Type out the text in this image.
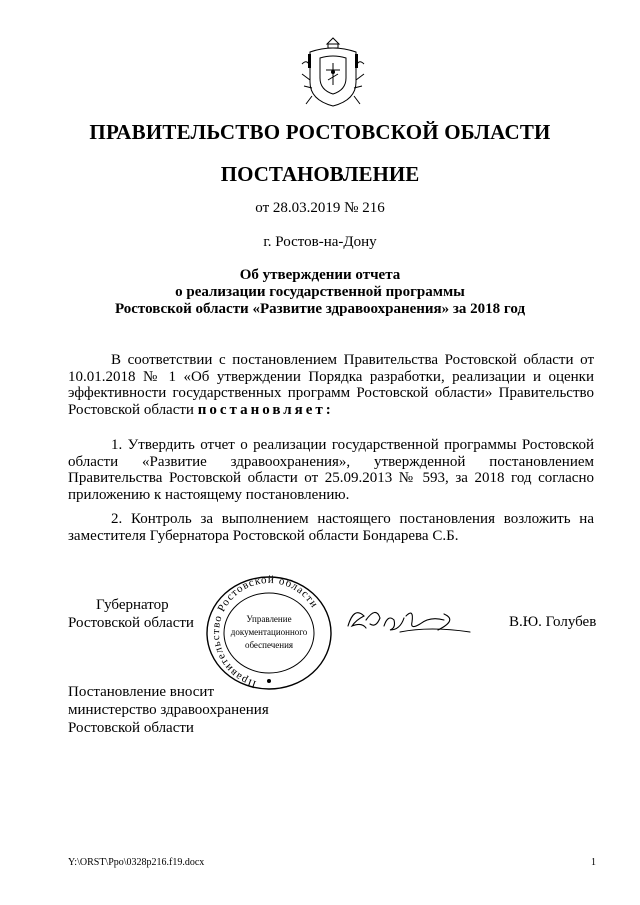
ПРАВИТЕЛЬСТВО РОСТОВСКОЙ ОБЛАСТИ
ПОСТАНОВЛЕНИЕ
от 28.03.2019 № 216
г. Ростов-на-Дону
Об утверждении отчета
о реализации государственной программы
Ростовской области «Развитие здравоохранения» за 2018 год
В соответствии с постановлением Правительства Ростовской области от 10.01.2018 № 1 «Об утверждении Порядка разработки, реализации и оценки эффективности государственных программ Ростовской области» Правительство Ростовской области постановляет:
1. Утвердить отчет о реализации государственной программы Ростовской области «Развитие здравоохранения», утвержденной постановлением Правительства Ростовской области от 25.09.2013 № 593, за 2018 год согласно приложению к настоящему постановлению.
2. Контроль за выполнением настоящего постановления возложить на заместителя Губернатора Ростовской области Бондарева С.Б.
Губернатор
Ростовской области
Правительство Ростовской области
Управление
документационного
обеспечения
В.Ю. Голубев
Постановление вносит
министерство здравоохранения
Ростовской области
Y:\ORST\Ppo\0328p216.f19.docx	1
